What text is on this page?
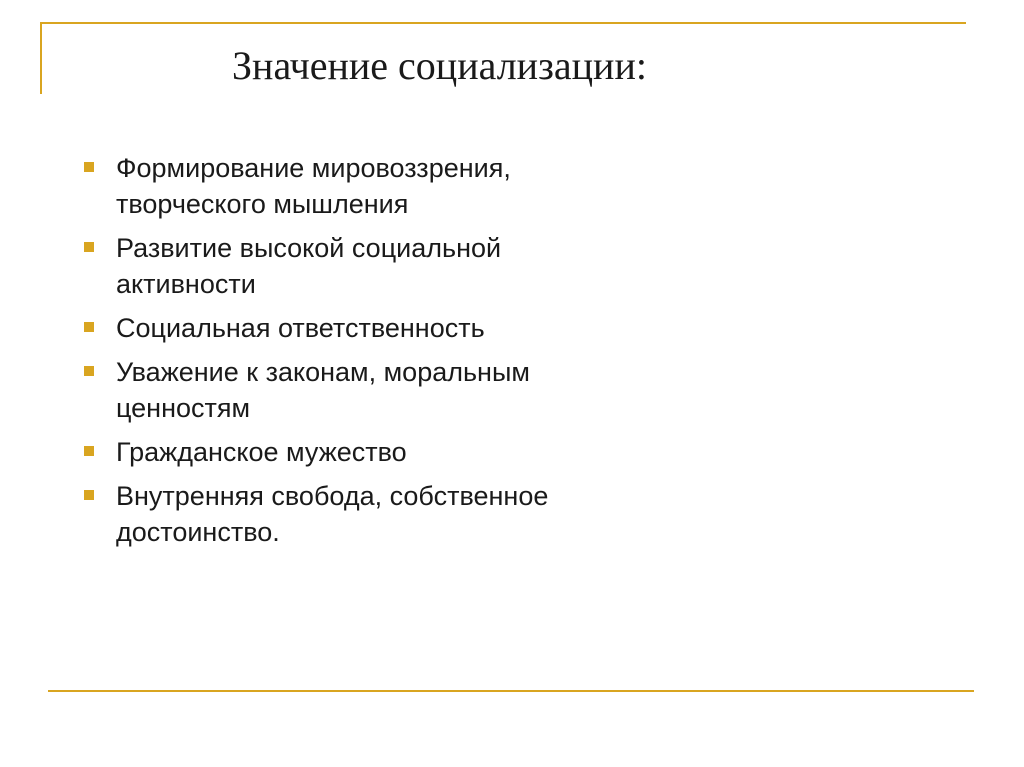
Значение социализации:
Формирование мировоззрения,
творческого мышления
Развитие высокой социальной
активности
Социальная ответственность
Уважение к законам, моральным
ценностям
Гражданское мужество
Внутренняя свобода, собственное
достоинство.
